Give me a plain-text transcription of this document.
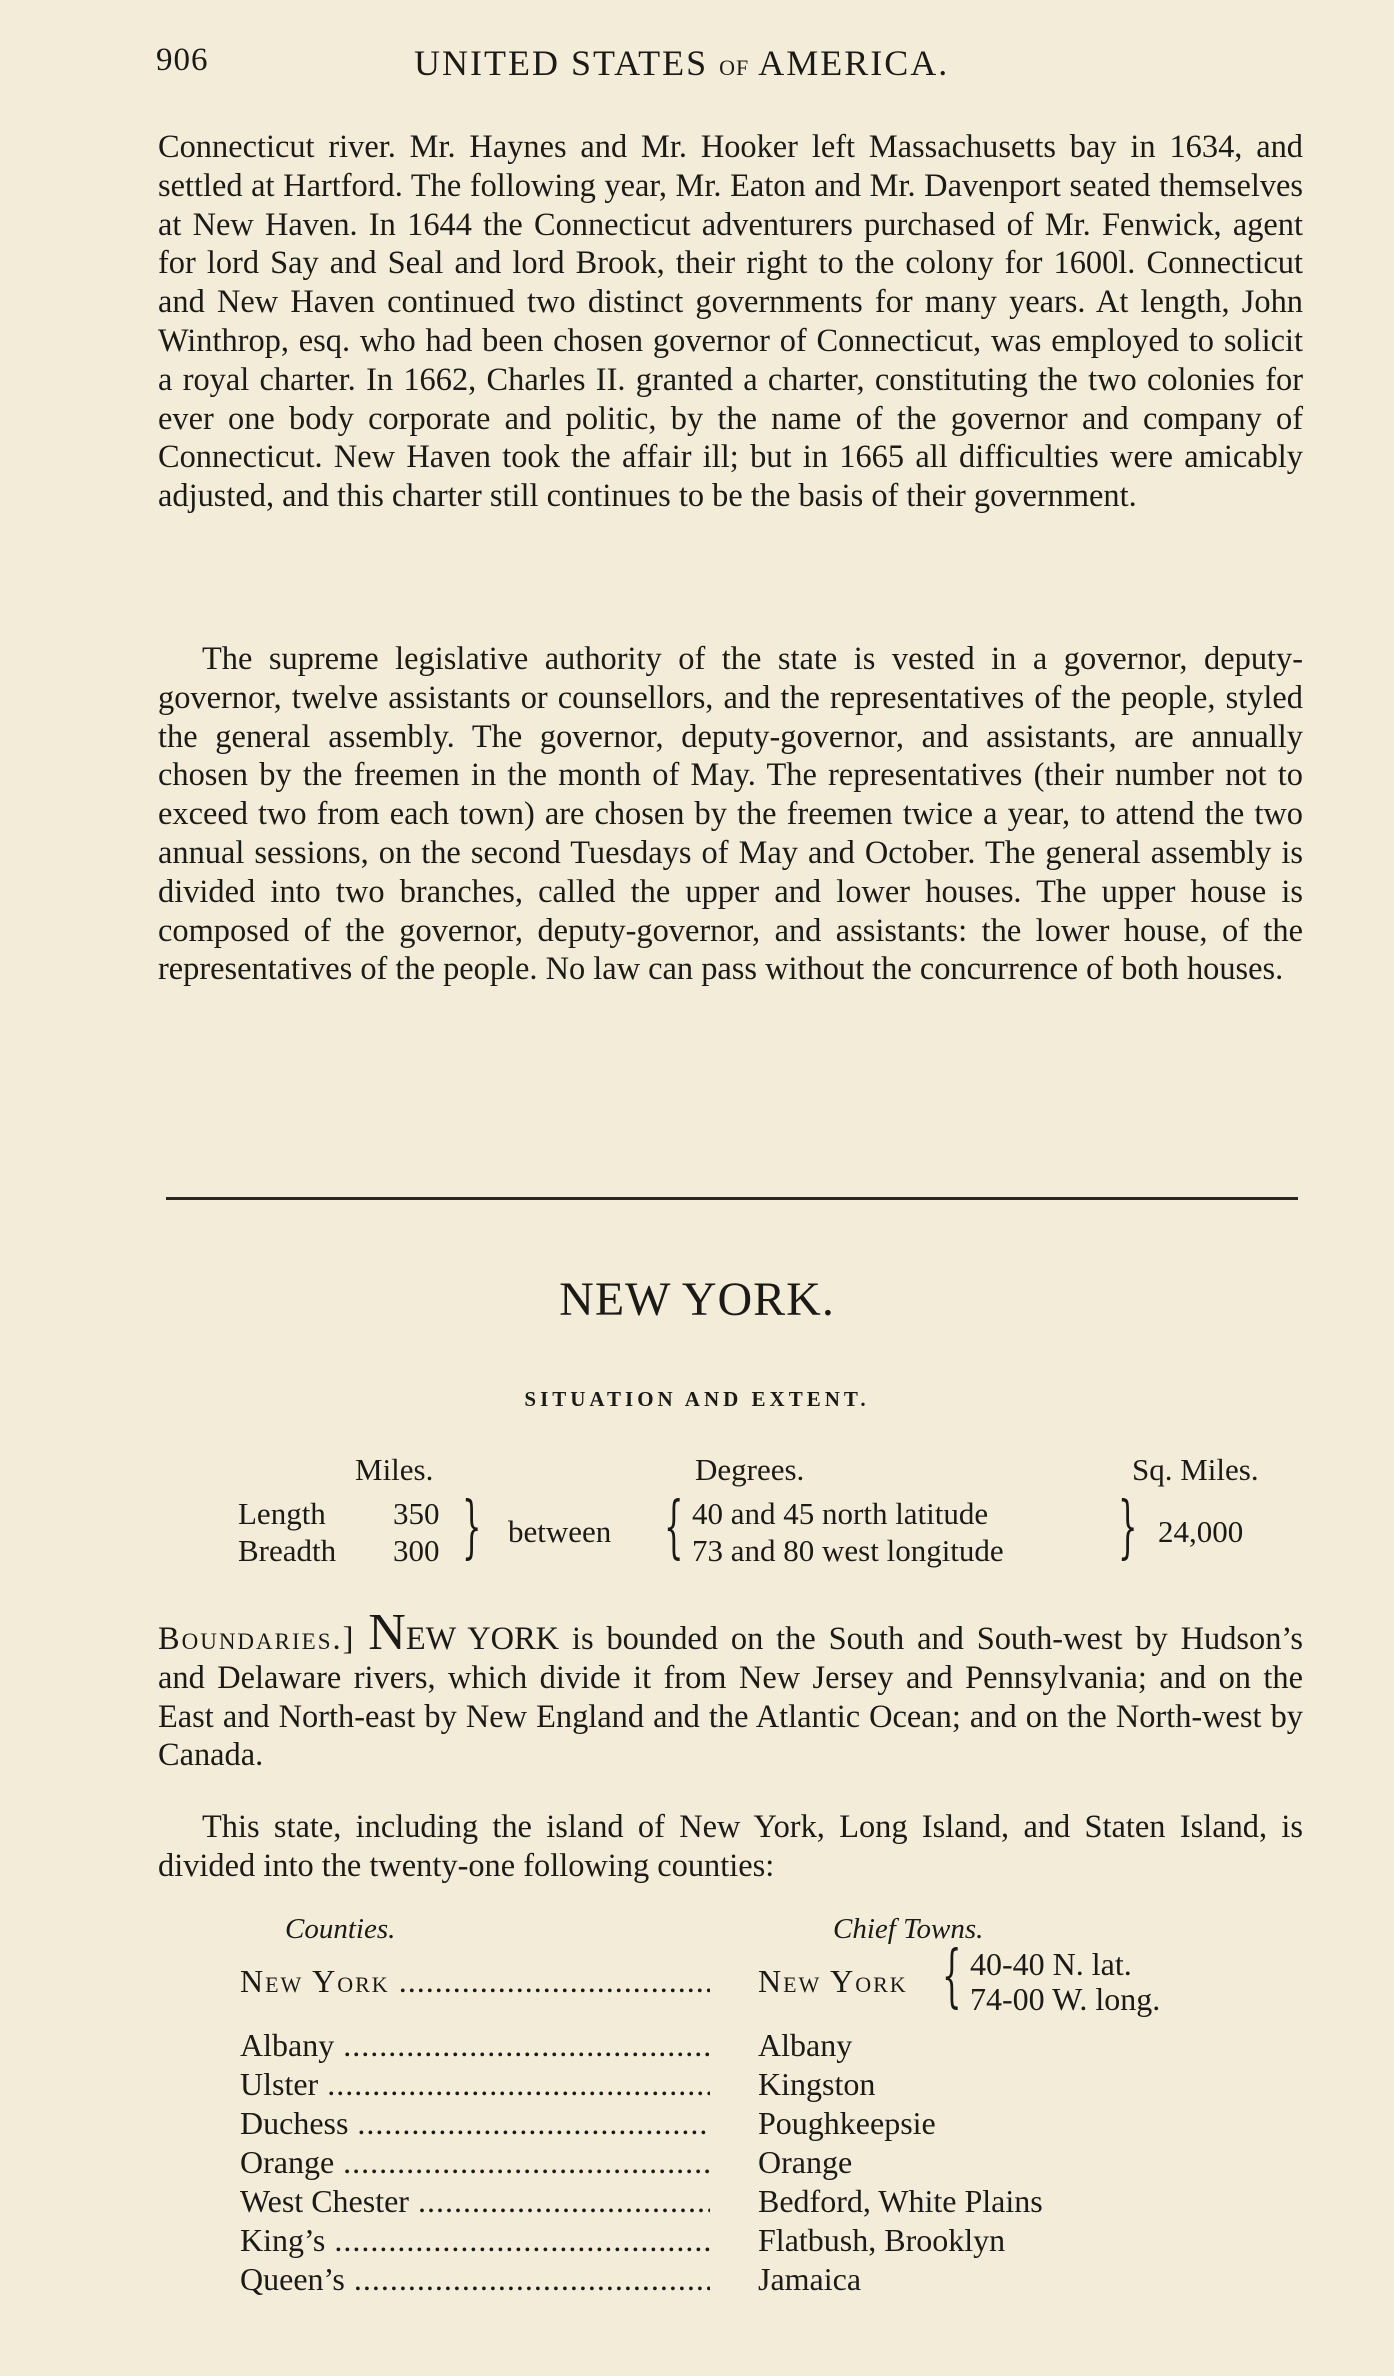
906	UNITED STATES OF AMERICA.

Connecticut river. Mr. Haynes and Mr. Hooker left Massachusetts bay in 1634, and settled at Hartford. The following year, Mr. Eaton and Mr. Davenport seated themselves at New Haven. In 1644 the Connecticut adventurers purchased of Mr. Fenwick, agent for lord Say and Seal and lord Brook, their right to the colony for 1600l. Connecticut and New Haven continued two distinct governments for many years. At length, John Winthrop, esq. who had been chosen governor of Connecticut, was employed to solicit a royal charter. In 1662, Charles II. granted a charter, constituting the two colonies for ever one body corporate and politic, by the name of the governor and company of Connecticut. New Haven took the affair ill; but in 1665 all difficulties were amicably adjusted, and this charter still continues to be the basis of their government.

The supreme legislative authority of the state is vested in a governor, deputy-governor, twelve assistants or counsellors, and the representatives of the people, styled the general assembly. The governor, deputy-governor, and assistants, are annually chosen by the freemen in the month of May. The representatives (their number not to exceed two from each town) are chosen by the freemen twice a year, to attend the two annual sessions, on the second Tuesdays of May and October. The general assembly is divided into two branches, called the upper and lower houses. The upper house is composed of the governor, deputy-governor, and assistants: the lower house, of the representatives of the people. No law can pass without the concurrence of both houses.

NEW YORK.
SITUATION AND EXTENT.
Miles.	Degrees.	Sq. Miles.
Length 350
Breadth 300 } between { 40 and 45 north latitude
73 and 80 west longitude } 24,000

Boundaries.] NEW YORK is bounded on the South and South-west by Hudson’s and Delaware rivers, which divide it from New Jersey and Pennsylvania; and on the East and North-east by New England and the Atlantic Ocean; and on the North-west by Canada.

This state, including the island of New York, Long Island, and Staten Island, is divided into the twenty-one following counties:

Counties.	Chief Towns.
New York .....	New York { 40-40 N. lat.
74-00 W. long.
Albany .....	Albany
Ulster .....	Kingston
Duchess .....	Poughkeepsie
Orange .....	Orange
West Chester .....	Bedford, White Plains
King’s .....	Flatbush, Brooklyn
Queen’s .....	Jamaica
